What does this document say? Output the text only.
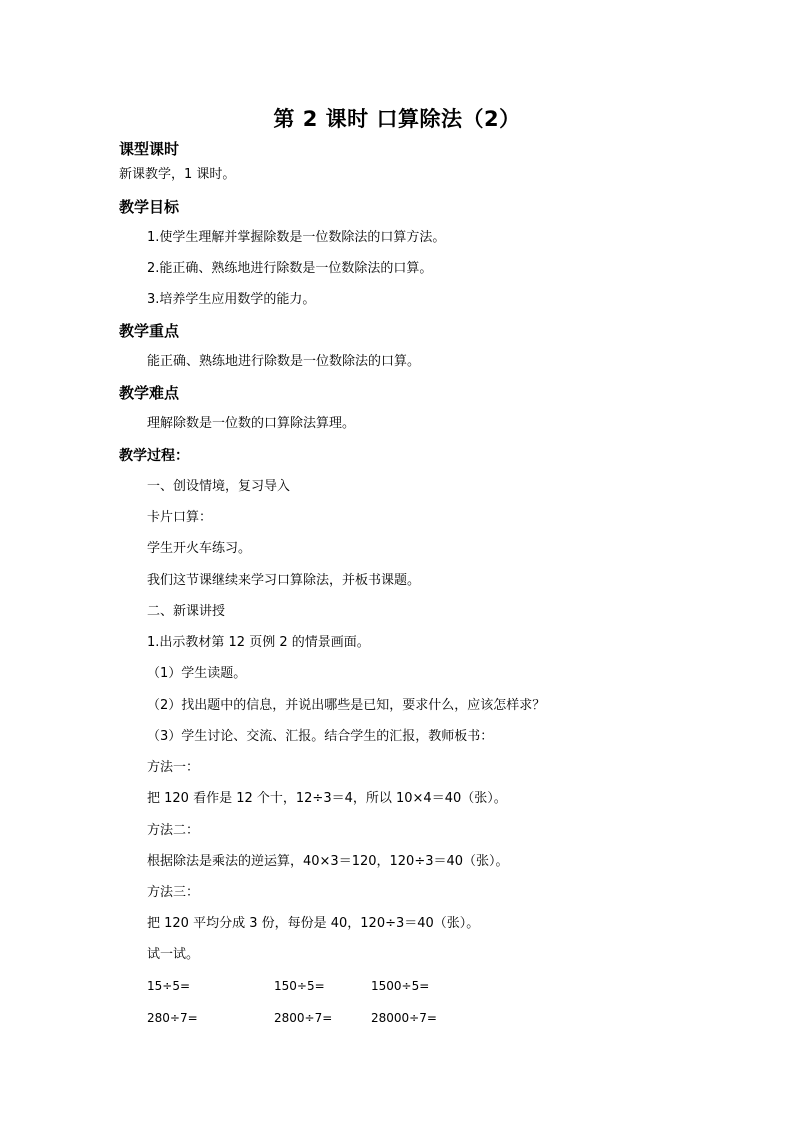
第 2 课时 口算除法（2）
课型课时
新课教学，1 课时。
教学目标
1.使学生理解并掌握除数是一位数除法的口算方法。
2.能正确、熟练地进行除数是一位数除法的口算。
3.培养学生应用数学的能力。
教学重点
能正确、熟练地进行除数是一位数除法的口算。
教学难点
理解除数是一位数的口算除法算理。
教学过程：
一、创设情境，复习导入
卡片口算：
学生开火车练习。
我们这节课继续来学习口算除法，并板书课题。
二、新课讲授
1.出示教材第 12 页例 2 的情景画面。
（1）学生读题。
（2）找出题中的信息，并说出哪些是已知，要求什么，应该怎样求？
（3）学生讨论、交流、汇报。结合学生的汇报，教师板书：
方法一：
把 120 看作是 12 个十，12÷3＝4，所以 10×4＝40（张）。
方法二：
根据除法是乘法的逆运算，40×3＝120，120÷3＝40（张）。
方法三：
把 120 平均分成 3 份，每份是 40，120÷3＝40（张）。
试一试。
15÷5=	150÷5=	1500÷5=
280÷7=	2800÷7=	28000÷7=
